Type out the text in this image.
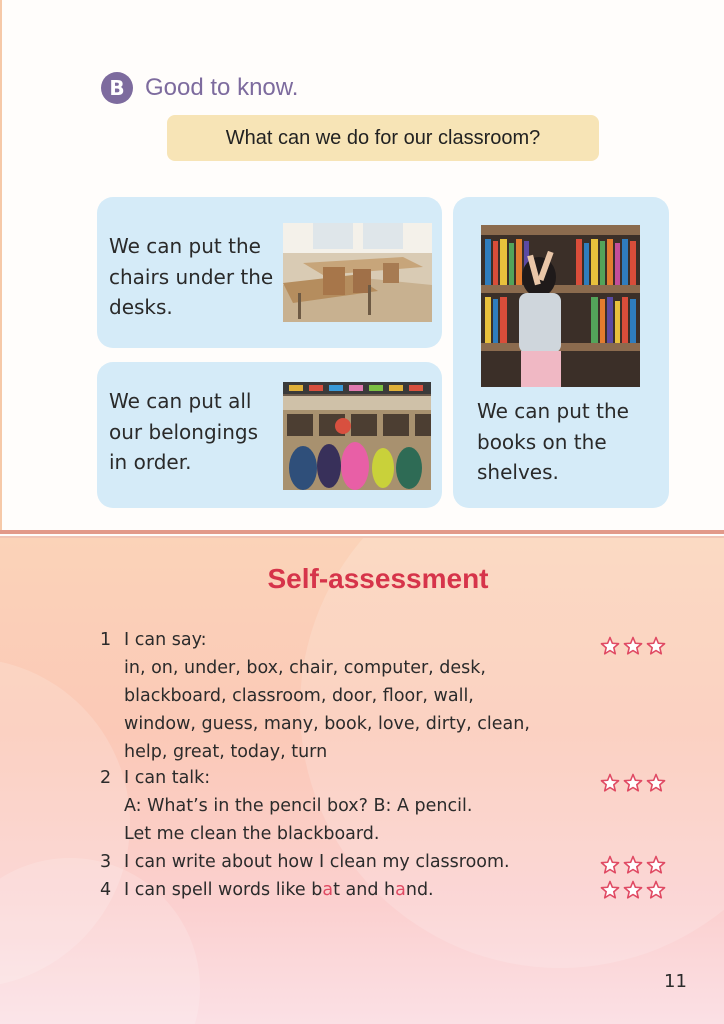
B Good to know.
What can we do for our classroom?
We can put the
chairs under the
desks.
We can put all
our belongings
in order.
We can put the
books on the
shelves.
Self-assessment
1 I can say:
in, on, under, box, chair, computer, desk,
blackboard, classroom, door, floor, wall,
window, guess, many, book, love, dirty, clean,
help, great, today, turn
2 I can talk:
A: What’s in the pencil box? B: A pencil.
Let me clean the blackboard.
3 I can write about how I clean my classroom.
4 I can spell words like bat and hand.
11
